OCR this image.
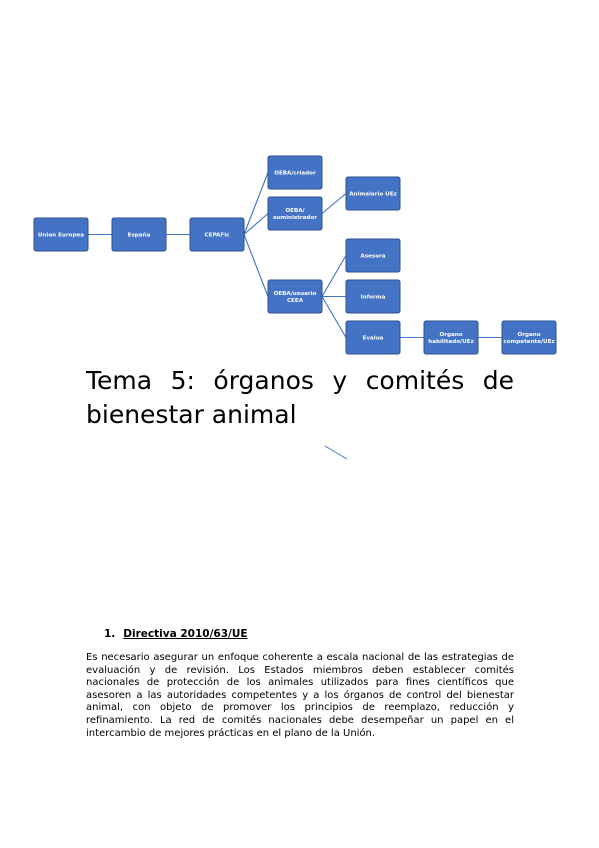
Union Europea	España	CEPAFic
OEBA/criador
OEBA/
suministrador
Animalario UEz
OEBA/usuario
CEEA
Asesora
Informa
Evalua
Organo
habilitado/UEz
Organo
competente/UEz
Tema 5: órganos y comités de bienestar animal
1. Directiva 2010/63/UE

Es necesario asegurar un enfoque coherente a escala nacional de las estrategias de evaluación y de revisión. Los Estados miembros deben establecer comités nacionales de protección de los animales utilizados para fines científicos que asesoren a las autoridades competentes y a los órganos de control del bienestar animal, con objeto de promover los principios de reemplazo, reducción y refinamiento. La red de comités nacionales debe desempeñar un papel en el intercambio de mejores prácticas en el plano de la Unión.
